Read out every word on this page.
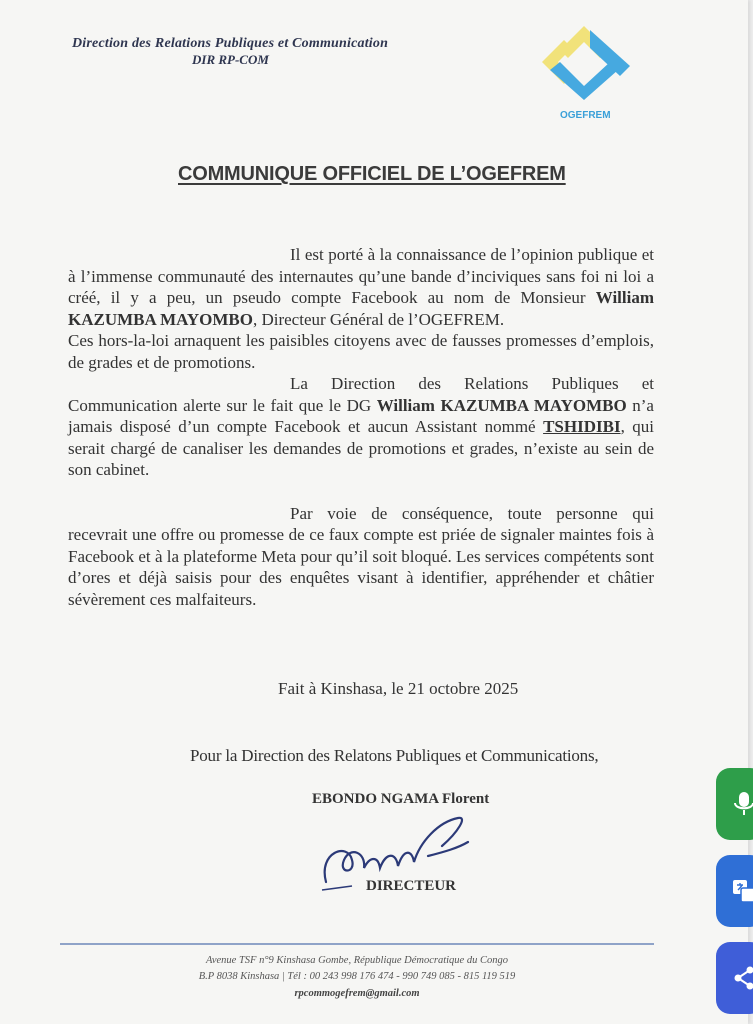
Direction des Relations Publiques et Communication
DIR RP-COM
OGEFREM
COMMUNIQUE OFFICIEL DE L’OGEFREM

Il est porté à la connaissance de l’opinion publique et à l’immense communauté des internautes qu’une bande d’inciviques sans foi ni loi a créé, il y a peu, un pseudo compte Facebook au nom de Monsieur William KAZUMBA MAYOMBO, Directeur Général de l’OGEFREM.

Ces hors-la-loi arnaquent les paisibles citoyens avec de fausses promesses d’emplois, de grades et de promotions.

La Direction des Relations Publiques et Communication alerte sur le fait que le DG William KAZUMBA MAYOMBO n’a jamais disposé d’un compte Facebook et aucun Assistant nommé TSHIDIBI, qui serait chargé de canaliser les demandes de promotions et grades, n’existe au sein de son cabinet.

Par voie de conséquence, toute personne qui recevrait une offre ou promesse de ce faux compte est priée de signaler maintes fois à Facebook et à la plateforme Meta pour qu’il soit bloqué. Les services compétents sont d’ores et déjà saisis pour des enquêtes visant à identifier, appréhender et châtier sévèrement ces malfaiteurs.

Fait à Kinshasa, le 21 octobre 2025
Pour la Direction des Relatons Publiques et Communications,
EBONDO NGAMA Florent
DIRECTEUR
Avenue TSF n°9 Kinshasa Gombe, République Démocratique du Congo
B.P 8038 Kinshasa | Tél : 00 243 998 176 474 - 990 749 085 - 815 119 519
rpcommogefrem@gmail.com
